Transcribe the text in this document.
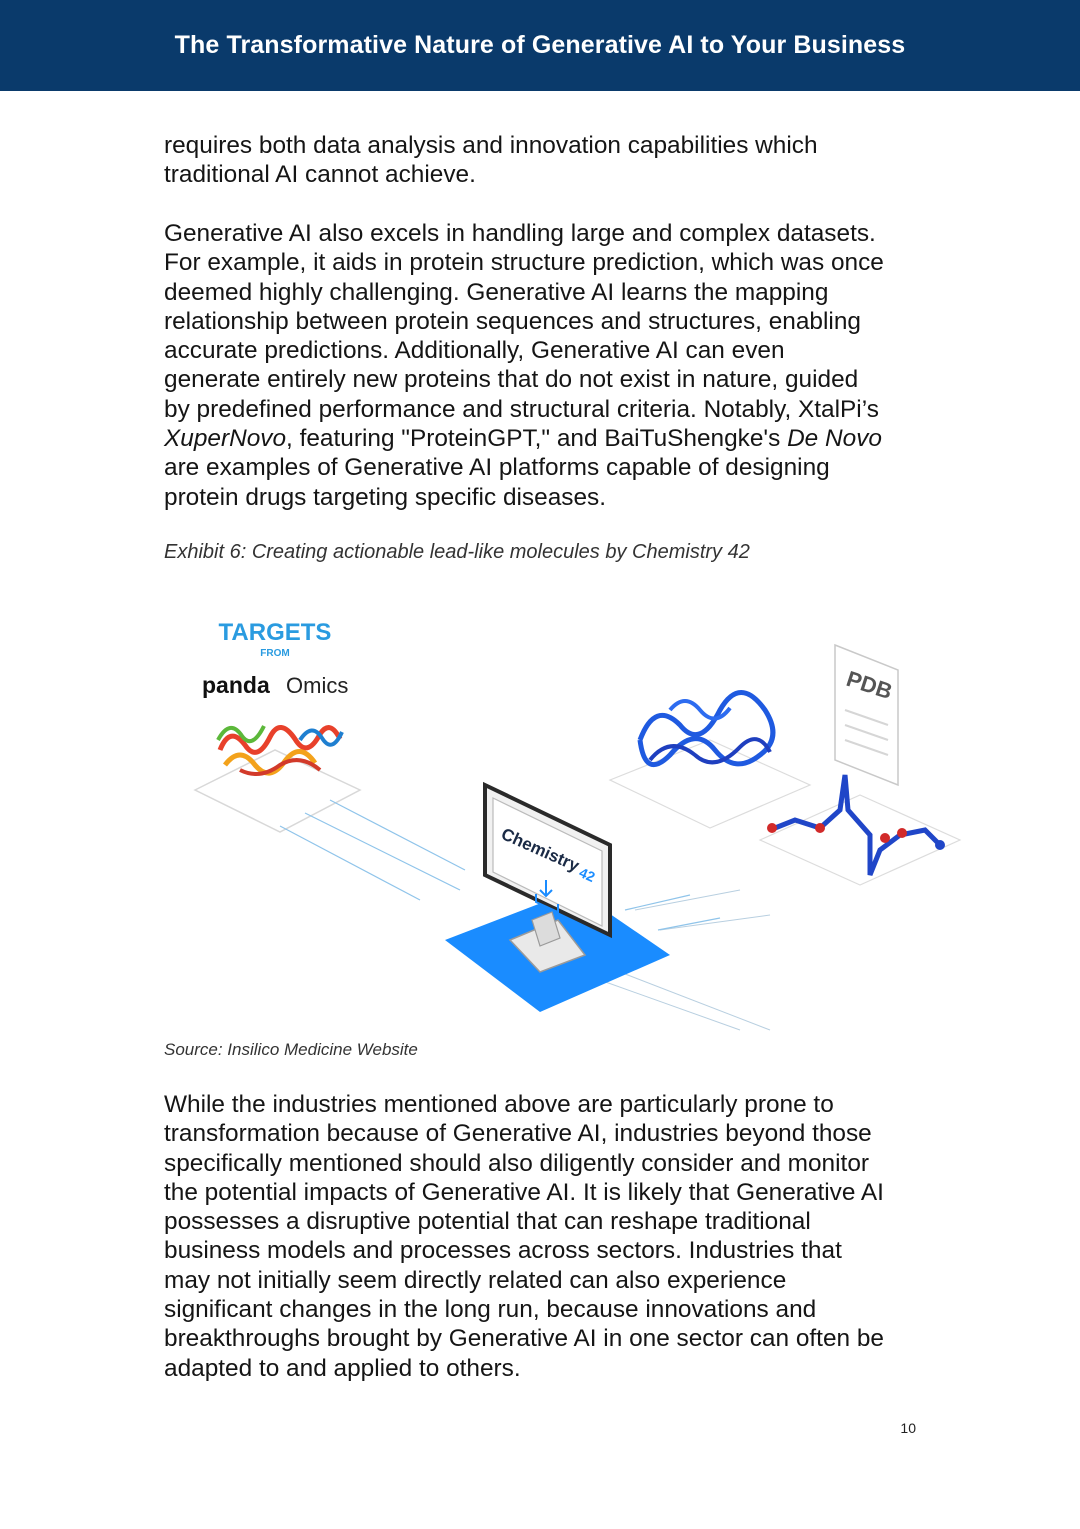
The Transformative Nature of Generative AI to Your Business

requires both data analysis and innovation capabilities which
traditional AI cannot achieve.

Generative AI also excels in handling large and complex datasets.
For example, it aids in protein structure prediction, which was once
deemed highly challenging. Generative AI learns the mapping
relationship between protein sequences and structures, enabling
accurate predictions. Additionally, Generative AI can even
generate entirely new proteins that do not exist in nature, guided
by predefined performance and structural criteria. Notably, XtalPi’s
XuperNovo, featuring "ProteinGPT," and BaiTuShengke's De Novo
are examples of Generative AI platforms capable of designing
protein drugs targeting specific diseases.

Exhibit 6: Creating actionable lead-like molecules by Chemistry 42

TARGETS
FROM
panda Omics	PDB
Chemistry
42

Source: Insilico Medicine Website

While the industries mentioned above are particularly prone to
transformation because of Generative AI, industries beyond those
specifically mentioned should also diligently consider and monitor
the potential impacts of Generative AI. It is likely that Generative AI
possesses a disruptive potential that can reshape traditional
business models and processes across sectors. Industries that
may not initially seem directly related can also experience
significant changes in the long run, because innovations and
breakthroughs brought by Generative AI in one sector can often be
adapted to and applied to others.

10
